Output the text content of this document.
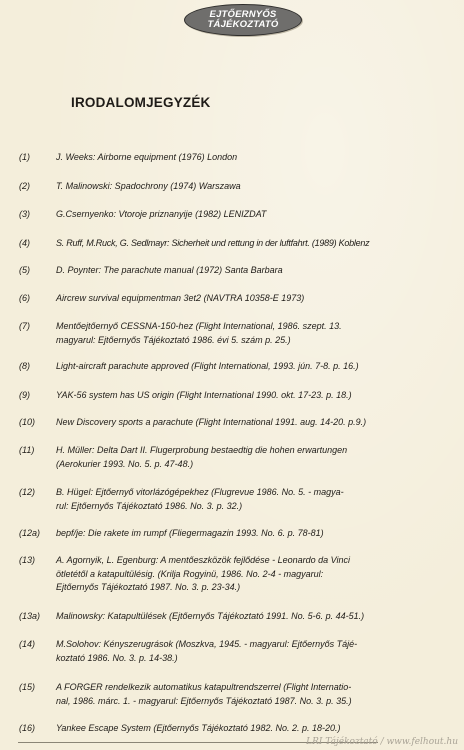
EJTŐERNYŐS
TÁJÉKOZTATÓ
IRODALOMJEGYZÉK
(1)	J. Weeks: Airborne equipment (1976) London
(2)	T. Malinowski: Spadochrony (1974) Warszawa
(3)	G.Csernyenko: Vtoroje priznanyije (1982) LENIZDAT
(4)	S. Ruff, M.Ruck, G. Sedlmayr: Sicherheit und rettung in der luftfahrt. (1989) Koblenz
(5)	D. Poynter: The parachute manual (1972) Santa Barbara
(6)	Aircrew survival equipmentman 3et2 (NAVTRA 10358-E 1973)
(7)	Mentőejtőernyő CESSNA-150-hez (Flight International, 1986. szept. 13.
magyarul: Ejtőernyős Tájékoztató 1986. évi 5. szám p. 25.)
(8)	Light-aircraft parachute approved (Flight International, 1993. jún. 7-8. p. 16.)
(9)	YAK-56 system has US origin (Flight International 1990. okt. 17-23. p. 18.)
(10) New Discovery sports a parachute (Flight International 1991. aug. 14-20. p.9.)
(11) H. Müller: Delta Dart II. Flugerprobung bestaedtig die hohen erwartungen
(Aerokurier 1993. No. 5. p. 47-48.)
(12) B. Hügel: Ejtőernyő vitorlázógépekhez (Flugrevue 1986. No. 5. - magya-
rul: Ejtőernyős Tájékoztató 1986. No. 3. p. 32.)
(12a) bepf/je: Die rakete im rumpf (Fliegermagazin 1993. No. 6. p. 78-81)
(13) A. Agornyik, L. Egenburg: A mentőeszközök fejlődése - Leonardo da Vinci
ötletétől a katapultülésig. (Krilja Rogyinü, 1986. No. 2-4 - magyarul:
Ejtőernyős Tájékoztató 1987. No. 3. p. 23-34.)
(13a) Malinowsky: Katapultülések (Ejtőernyős Tájékoztató 1991. No. 5-6. p. 44-51.)
(14) M.Solohov: Kényszerugrások (Moszkva, 1945. - magyarul: Ejtőernyős Tájé-
koztató 1986. No. 3. p. 14-38.)
(15) A FORGER rendelkezik automatikus katapultrendszerrel (Flight Internatio-
nal, 1986. márc. 1. - magyarul: Ejtőernyős Tájékoztató 1987. No. 3. p. 35.)
(16) Yankee Escape System (Ejtőernyős Tájékoztató 1982. No. 2. p. 18-20.)
LRI Tájékoztató / www.felhout.hu
